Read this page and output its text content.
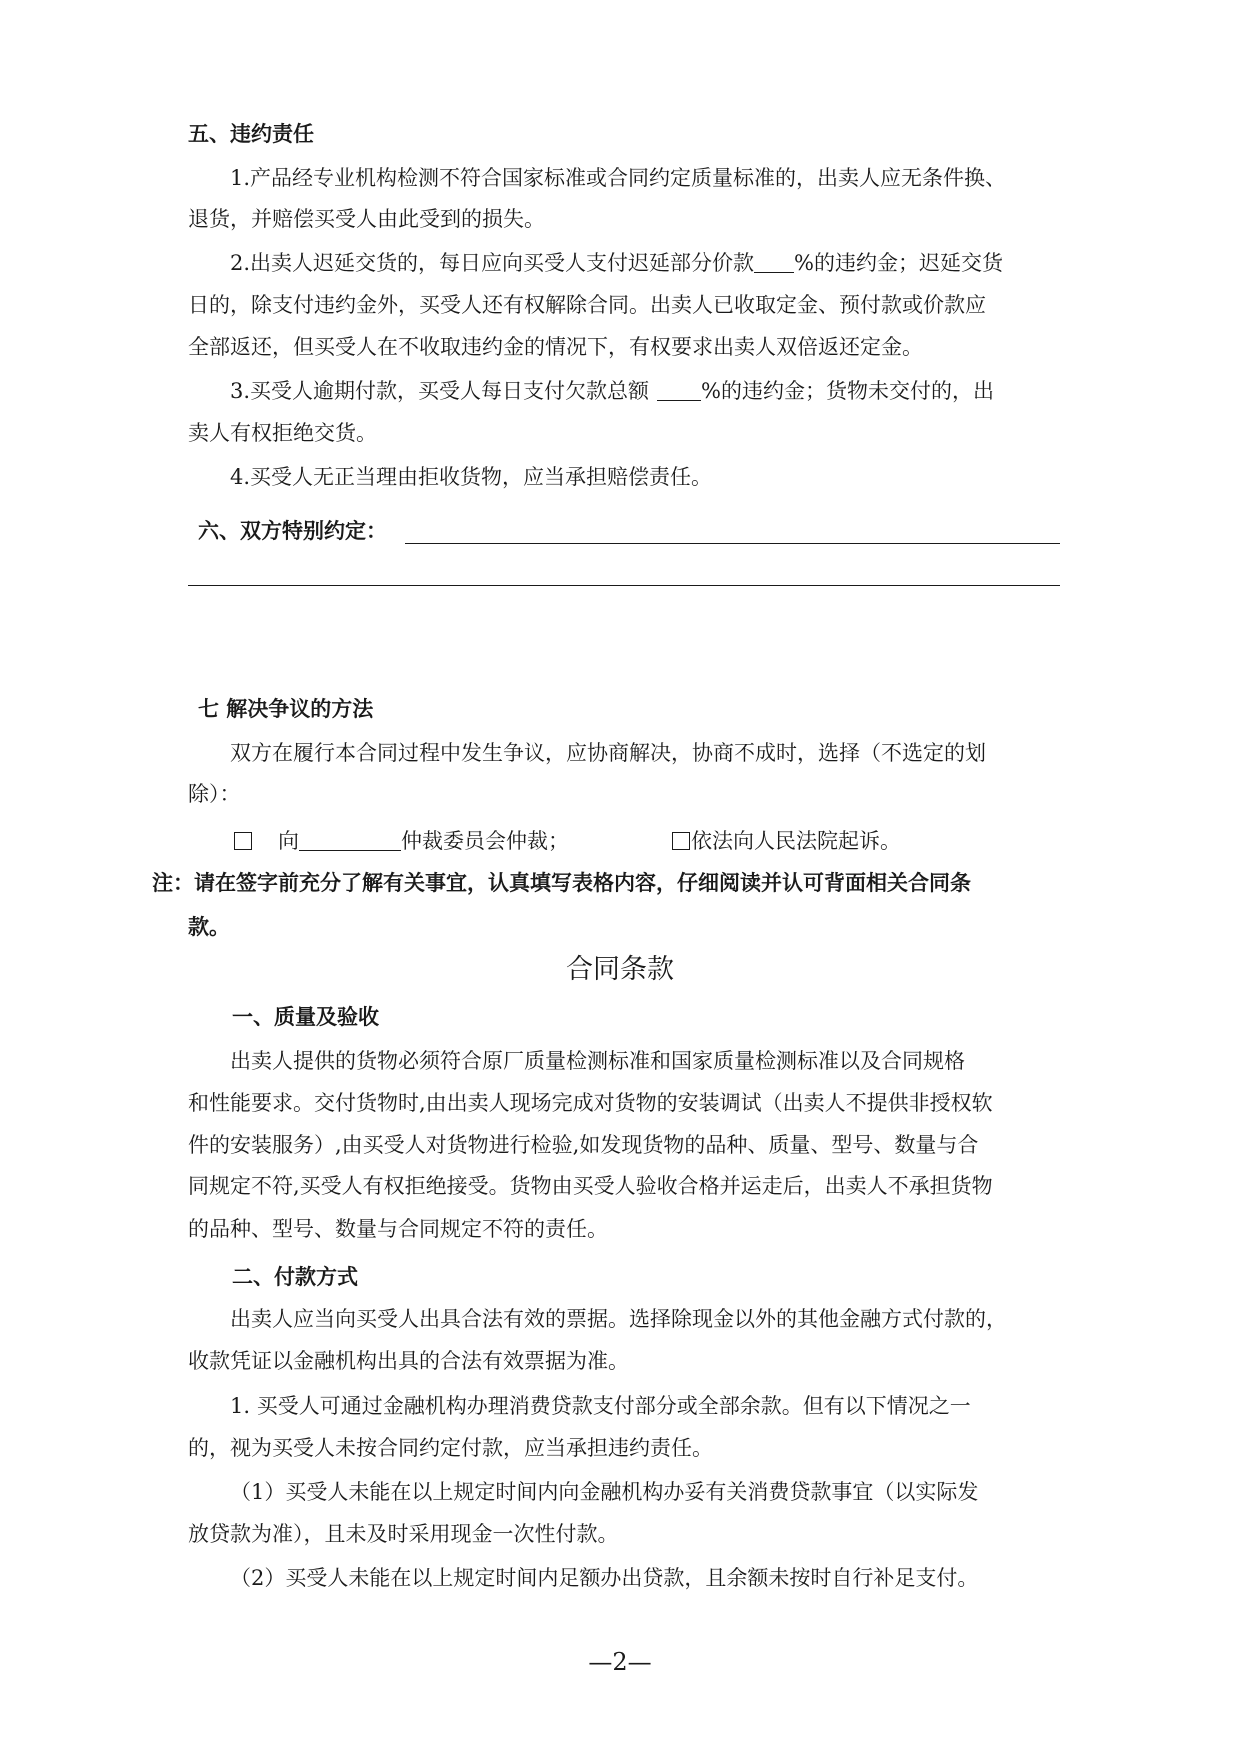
五、违约责任
1.产品经专业机构检测不符合国家标准或合同约定质量标准的，出卖人应无条件换、
退货，并赔偿买受人由此受到的损失。
2.出卖人迟延交货的，每日应向买受人支付迟延部分价款 %的违约金；迟延交货
日的，除支付违约金外，买受人还有权解除合同。出卖人已收取定金、预付款或价款应
全部返还，但买受人在不收取违约金的情况下，有权要求出卖人双倍返还定金。
3.买受人逾期付款，买受人每日支付欠款总额 %的违约金；货物未交付的，出
卖人有权拒绝交货。
4.买受人无正当理由拒收货物，应当承担赔偿责任。
六、双方特别约定：
七 解决争议的方法
双方在履行本合同过程中发生争议，应协商解决，协商不成时，选择（不选定的划
除）：
向	仲裁委员会仲裁；	依法向人民法院起诉。
注：请在签字前充分了解有关事宜，认真填写表格内容，仔细阅读并认可背面相关合同条
款。
合同条款
一、质量及验收
出卖人提供的货物必须符合原厂质量检测标准和国家质量检测标准以及合同规格
和性能要求。交付货物时,由出卖人现场完成对货物的安装调试（出卖人不提供非授权软
件的安装服务）,由买受人对货物进行检验,如发现货物的品种、质量、型号、数量与合
同规定不符,买受人有权拒绝接受。货物由买受人验收合格并运走后，出卖人不承担货物
的品种、型号、数量与合同规定不符的责任。
二、付款方式
出卖人应当向买受人出具合法有效的票据。选择除现金以外的其他金融方式付款的，
收款凭证以金融机构出具的合法有效票据为准。
1. 买受人可通过金融机构办理消费贷款支付部分或全部余款。但有以下情况之一
的，视为买受人未按合同约定付款，应当承担违约责任。
（1）买受人未能在以上规定时间内向金融机构办妥有关消费贷款事宜（以实际发
放贷款为准），且未及时采用现金一次性付款。
（2）买受人未能在以上规定时间内足额办出贷款，且余额未按时自行补足支付。
—2—
